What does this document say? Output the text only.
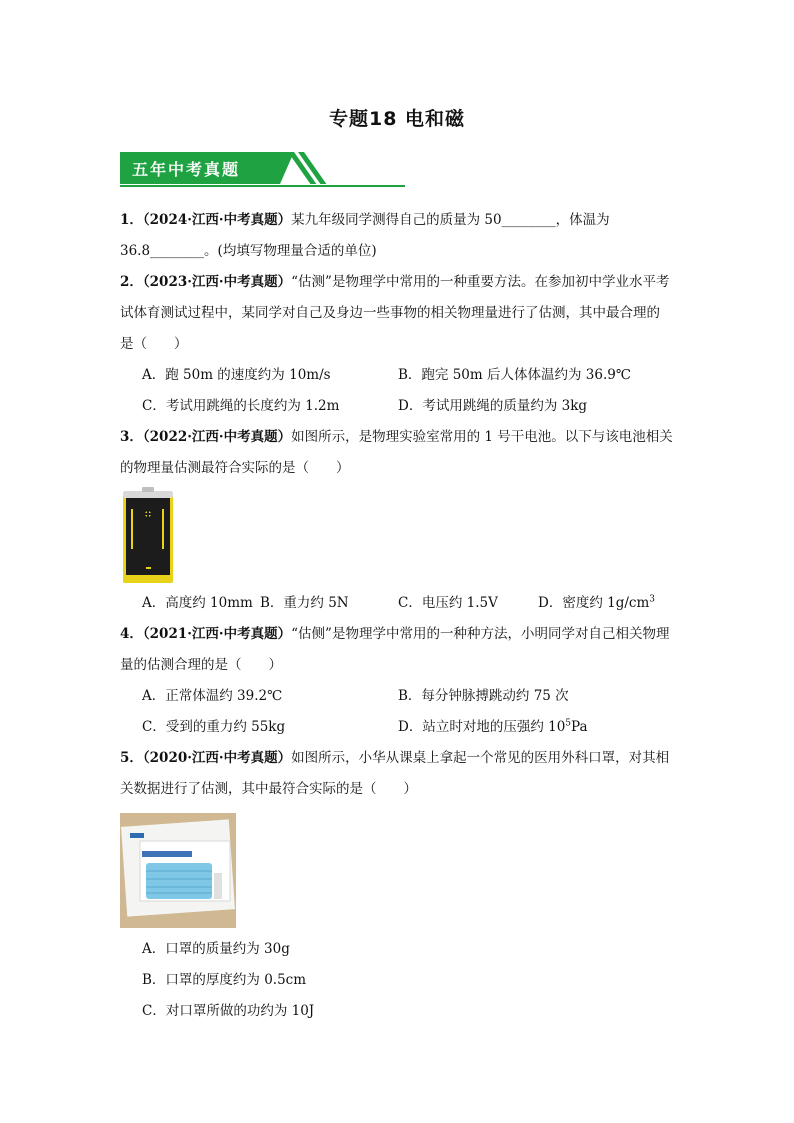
专题18 电和磁
五年中考真题

1．（2024·江西·中考真题）某九年级同学测得自己的质量为 50________，体温为

36.8________。(均填写物理量合适的单位)

2．（2023·江西·中考真题）“估测”是物理学中常用的一种重要方法。在参加初中学业水平考

试体育测试过程中，某同学对自己及身边一些事物的相关物理量进行了估测，其中最合理的

是（　　）

A．跑 50m 的速度约为 10m/s	B．跑完 50m 后人体体温约为 36.9℃
C．考试用跳绳的长度约为 1.2m	D．考试用跳绳的质量约为 3kg

3．（2022·江西·中考真题）如图所示，是物理实验室常用的 1 号干电池。以下与该电池相关

的物理量估测最符合实际的是（　　）

A．高度约 10mm B．重力约 5N	C．电压约 1.5V	D．密度约 $1g/cm^3$

4．（2021·江西·中考真题）“估侧”是物理学中常用的一种种方法，小明同学对自己相关物理

量的估测合理的是（　　）

A．正常体温约 39.2℃	B．每分钟脉搏跳动约 75 次
C．受到的重力约 55kg	D．站立时对地的压强约 $10^5Pa$

5．（2020·江西·中考真题）如图所示，小华从课桌上拿起一个常见的医用外科口罩，对其相

关数据进行了估测，其中最符合实际的是（　　）

A．口罩的质量约为 30g

B．口罩的厚度约为 0.5cm

C．对口罩所做的功约为 10J
